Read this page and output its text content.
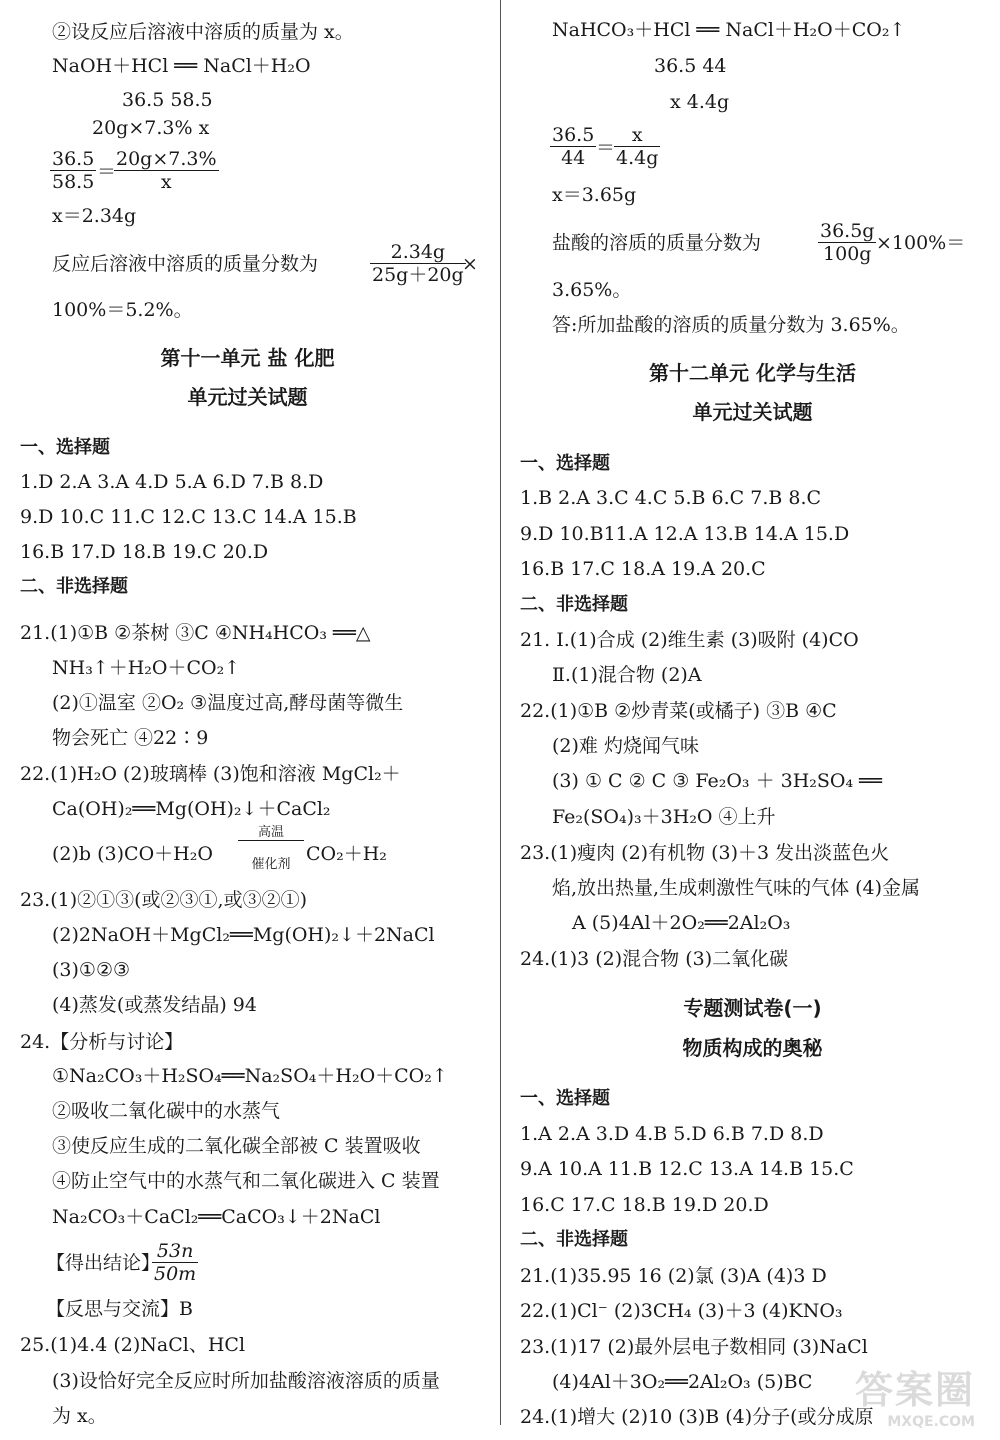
②设反应后溶液中溶质的质量为 x。
NaOH＋HCl ══ NaCl＋H₂O
36.5 58.5
20g×7.3% x
$\frac{36.5}{58.5}$ ＝
$\frac{20g\times 7.3\%}{x}$
x＝2.34g
反应后溶液中溶质的质量分数为	$\frac{2.34g}{25g+20g}$
×
100%＝5.2%。
第十一单元 盐 化肥
单元过关试题
一、选择题
1.D 2.A 3.A 4.D 5.A 6.D 7.B 8.D
9.D 10.C 11.C 12.C 13.C 14.A 15.B
16.B 17.D 18.B 19.C 20.D
二、非选择题
21.(1)①B ②茶树 ③C ④NH₄HCO₃ ══△
NH₃↑＋H₂O＋CO₂↑
(2)①温室 ②O₂ ③温度过高,酵母菌等微生
物会死亡 ④22∶9
22.(1)H₂O (2)玻璃棒 (3)饱和溶液 MgCl₂＋
Ca(OH)₂══Mg(OH)₂↓＋CaCl₂
(2)b (3)CO＋H₂O
高温
催化剂 CO₂＋H₂
23.(1)②①③(或②③①,或③②①)
(2)2NaOH＋MgCl₂══Mg(OH)₂↓＋2NaCl
(3)①②③
(4)蒸发(或蒸发结晶) 94
24.【分析与讨论】
①Na₂CO₃＋H₂SO₄══Na₂SO₄＋H₂O＋CO₂↑
②吸收二氧化碳中的水蒸气
③使反应生成的二氧化碳全部被 C 装置吸收
④防止空气中的水蒸气和二氧化碳进入 C 装置
Na₂CO₃＋CaCl₂══CaCO₃↓＋2NaCl
【得出结论】
$\frac{53n}{50m}$
【反思与交流】B
25.(1)4.4 (2)NaCl、HCl
(3)设恰好完全反应时所加盐酸溶液溶质的质量
为 x。
NaHCO₃＋HCl ══ NaCl＋H₂O＋CO₂↑
36.5 44
x 4.4g
$\frac{36.5}{44}$ ＝
$\frac{x}{4.4g}$
x＝3.65g
盐酸的溶质的质量分数为	$\frac{36.5g}{100g} \times 100\%=$
3.65%。
答:所加盐酸的溶质的质量分数为 3.65%。
第十二单元 化学与生活
单元过关试题
一、选择题
1.B 2.A 3.C 4.C 5.B 6.C 7.B 8.C
9.D 10.B11.A 12.A 13.B 14.A 15.D
16.B 17.C 18.A 19.A 20.C
二、非选择题
21. Ⅰ.(1)合成 (2)维生素 (3)吸附 (4)CO
Ⅱ.(1)混合物 (2)A
22.(1)①B ②炒青菜(或橘子) ③B ④C
(2)难 灼烧闻气味
(3) ① C ② C ③ Fe₂O₃ ＋ 3H₂SO₄ ══
Fe₂(SO₄)₃＋3H₂O ④上升
23.(1)瘦肉 (2)有机物 (3)＋3 发出淡蓝色火
焰,放出热量,生成刺激性气味的气体 (4)金属
A (5)4Al＋2O₂══2Al₂O₃
24.(1)3 (2)混合物 (3)二氧化碳
专题测试卷(一)
物质构成的奥秘
一、选择题
1.A 2.A 3.D 4.B 5.D 6.B 7.D 8.D
9.A 10.A 11.B 12.C 13.A 14.B 15.C
16.C 17.C 18.B 19.D 20.D
二、非选择题
21.(1)35.95 16 (2)氯 (3)A (4)3 D
22.(1)Cl⁻ (2)3CH₄ (3)＋3 (4)KNO₃
23.(1)17 (2)最外层电子数相同 (3)NaCl
(4)4Al＋3O₂══2Al₂O₃ (5)BC
24.(1)增大 (2)10 (3)B (4)分子(或分成原
答案圈
MXQE.COM
